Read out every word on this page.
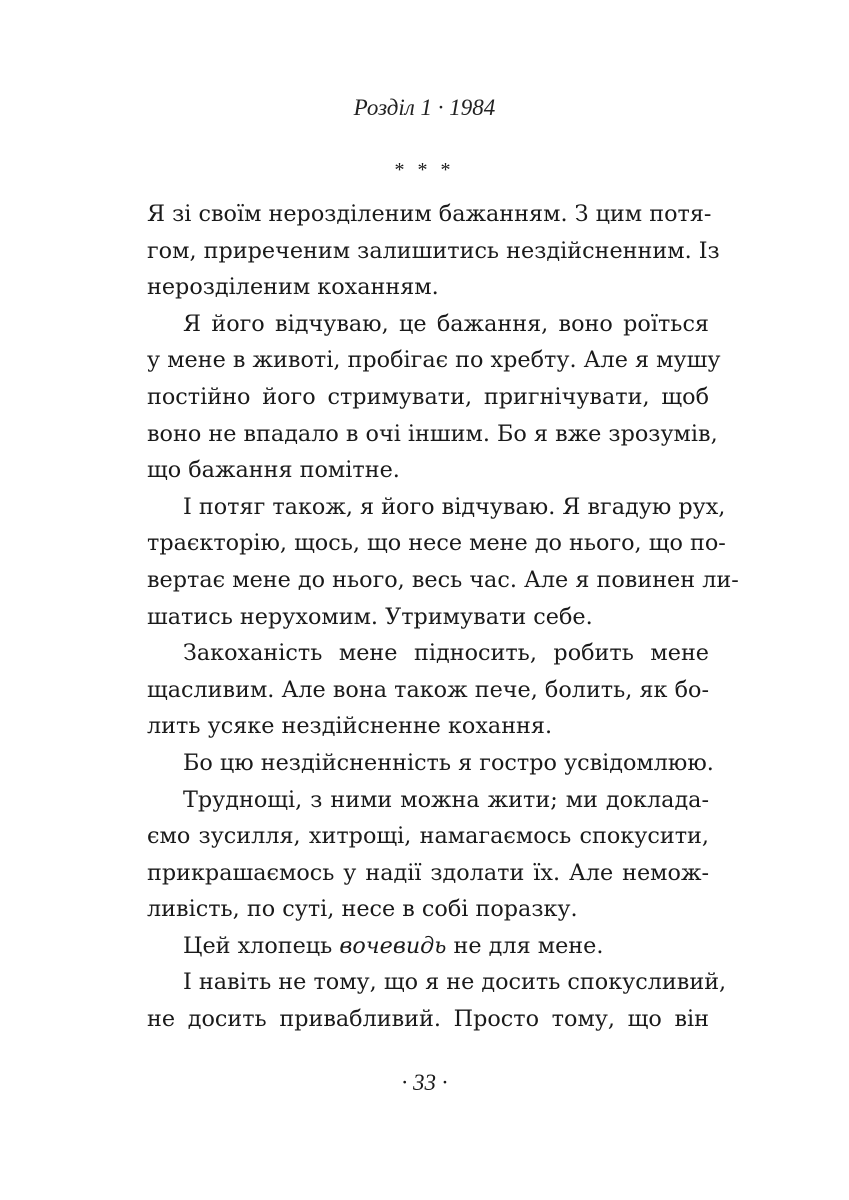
Розділ 1 · 1984
* * *
Я зі своїм нерозділеним бажанням. З цим потя-
гом, приреченим залишитись нездійсненним. Із
нерозділеним коханням.
Я його відчуваю, це бажання, воно роїться
у мене в животі, пробігає по хребту. Але я мушу
постійно його стримувати, пригнічувати, щоб
воно не впадало в очі іншим. Бо я вже зрозумів,
що бажання помітне.
І потяг також, я його відчуваю. Я вгадую рух,
траєкторію, щось, що несе мене до нього, що по-
вертає мене до нього, весь час. Але я повинен ли-
шатись нерухомим. Утримувати себе.
Закоханість мене підносить, робить мене
щасливим. Але вона також пече, болить, як бо-
лить усяке нездійсненне кохання.
Бо цю нездійсненність я гостро усвідомлюю.
Труднощі, з ними можна жити; ми доклада-
ємо зусилля, хитрощі, намагаємось спокусити,
прикрашаємось у надії здолати їх. Але немож-
ливість, по суті, несе в собі поразку.
Цей хлопець вочевидь не для мене.
І навіть не тому, що я не досить спокусливий,
не досить привабливий. Просто тому, що він
· 33 ·
